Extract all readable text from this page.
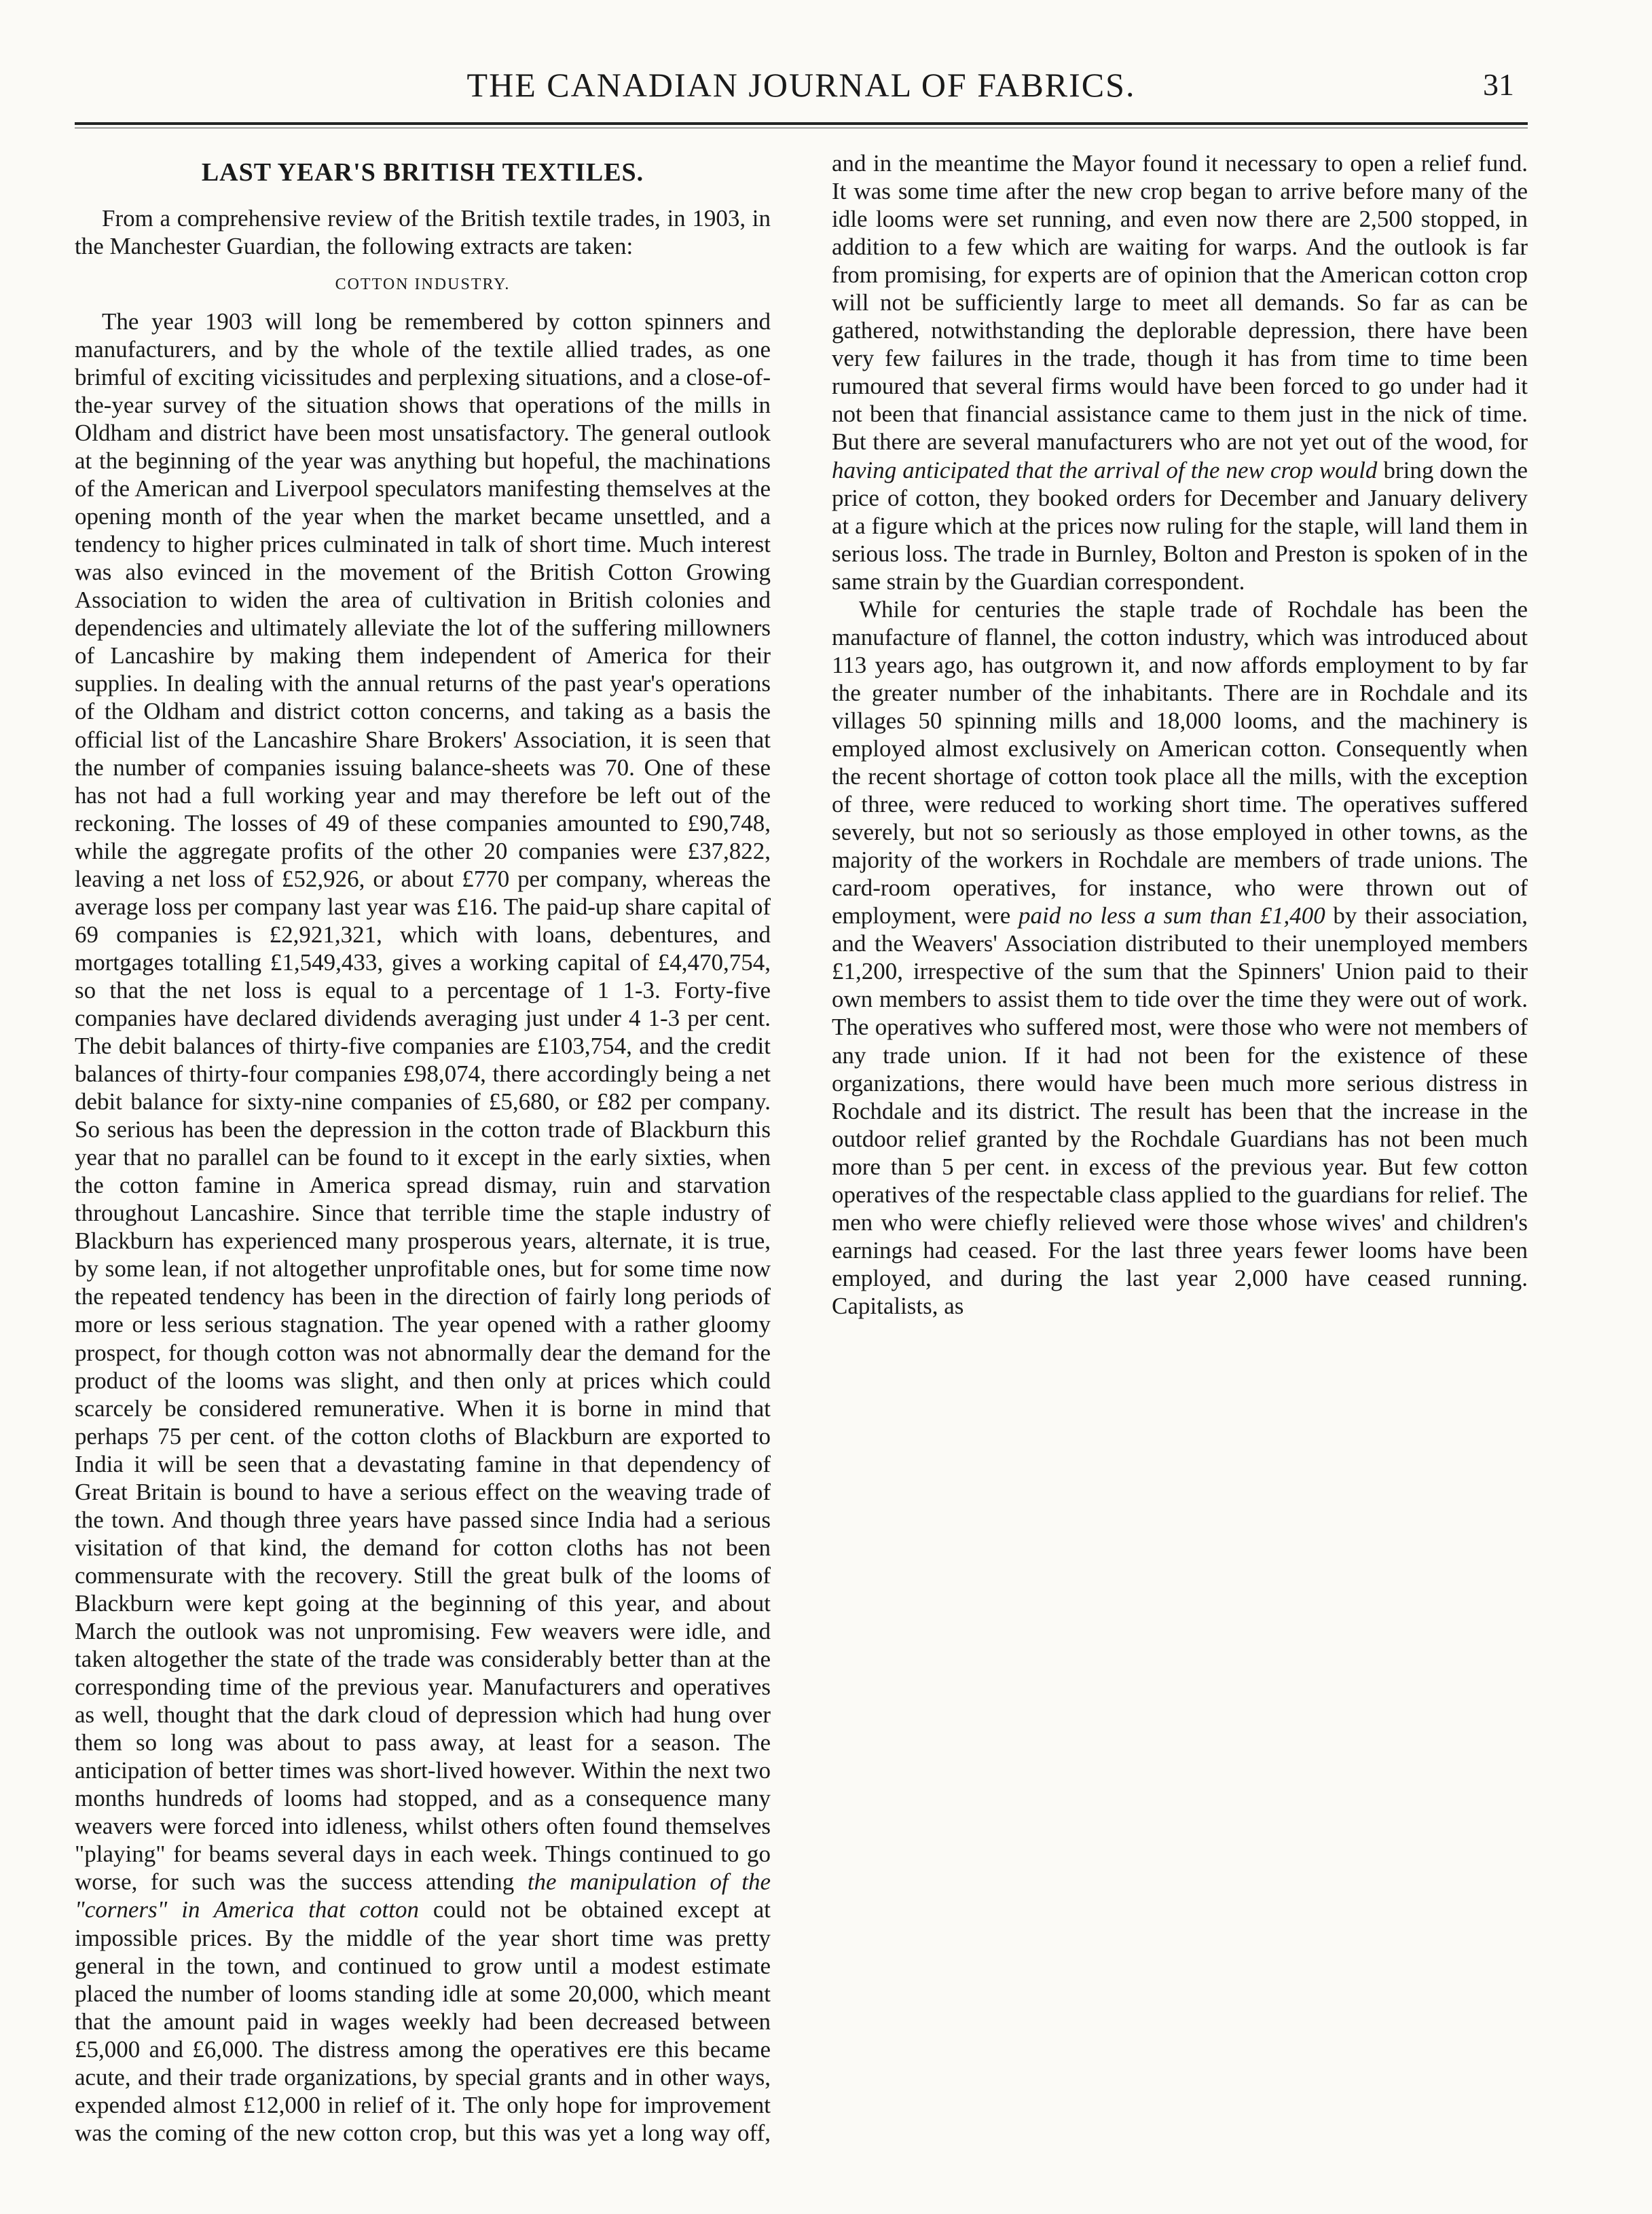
THE CANADIAN JOURNAL OF FABRICS.	31
LAST YEAR'S BRITISH TEXTILES.

From a comprehensive review of the British textile trades, in 1903, in the Manchester Guardian, the following extracts are taken:

COTTON INDUSTRY.

The year 1903 will long be remembered by cotton spinners and manufacturers, and by the whole of the textile allied trades, as one brimful of exciting vicissitudes and perplexing situations, and a close-of-the-year survey of the situation shows that operations of the mills in Oldham and district have been most unsatisfactory. The general outlook at the beginning of the year was anything but hopeful, the machinations of the American and Liverpool speculators manifesting themselves at the opening month of the year when the market became unsettled, and a tendency to higher prices culminated in talk of short time. Much interest was also evinced in the movement of the British Cotton Growing Association to widen the area of cultivation in British colonies and dependencies and ultimately alleviate the lot of the suffering millowners of Lancashire by making them independent of America for their supplies. In dealing with the annual returns of the past year's operations of the Oldham and district cotton concerns, and taking as a basis the official list of the Lancashire Share Brokers' Association, it is seen that the number of companies issuing balance-sheets was 70. One of these has not had a full working year and may therefore be left out of the reckoning. The losses of 49 of these companies amounted to £90,748, while the aggregate profits of the other 20 companies were £37,822, leaving a net loss of £52,926, or about £770 per company, whereas the average loss per company last year was £16. The paid-up share capital of 69 companies is £2,921,321, which with loans, debentures, and mortgages totalling £1,549,433, gives a working capital of £4,470,754, so that the net loss is equal to a percentage of 1 1-3. Forty-five companies have declared dividends averaging just under 4 1-3 per cent. The debit balances of thirty-five companies are £103,754, and the credit balances of thirty-four companies £98,074, there accordingly being a net debit balance for sixty-nine companies of £5,680, or £82 per company. So serious has been the depression in the cotton trade of Blackburn this year that no parallel can be found to it except in the early sixties, when the cotton famine in America spread dismay, ruin and starvation throughout Lancashire. Since that terrible time the staple industry of Blackburn has experienced many prosperous years, alternate, it is true, by some lean, if not altogether unprofitable ones, but for some time now the repeated tendency has been in the direction of fairly long periods of more or less serious stagnation. The year opened with a rather gloomy prospect, for though cotton was not abnormally dear the demand for the product of the looms was slight, and then only at prices which could scarcely be considered remunerative. When it is borne in mind that perhaps 75 per cent. of the cotton cloths of Blackburn are exported to India it will be seen that a devastating famine in that dependency of Great Britain is bound to have a serious effect on the weaving trade of the town. And though three years have passed since India had a serious visitation of that kind, the demand for cotton cloths has not been commensurate with the recovery. Still the great bulk of the looms of Blackburn were kept going at the beginning of this year, and about March the outlook was not unpromising. Few weavers were idle, and taken altogether the state of the trade was considerably better than at the corresponding time of the previous year. Manufacturers and operatives as well, thought that the dark cloud of depression which had hung over them so long was about to pass away, at least for a season. The anticipation of better times was short-lived however. Within the next two months hundreds of looms had stopped, and as a consequence many weavers were forced into idleness, whilst others often found themselves "playing" for beams several days in each week. Things continued to go worse, for such was the success attending the manipulation of the "corners" in America that cotton could not be obtained except at impossible prices. By the middle of the year short time was pretty general in the town, and continued to grow until a modest estimate placed the number of looms standing idle at some 20,000, which meant that the amount paid in wages weekly had been decreased between £5,000 and £6,000. The distress among the operatives ere this became acute, and their trade organizations, by special grants and in other ways, expended almost £12,000 in relief of it. The only hope for improvement was the coming of the new cotton crop, but this was yet a long way off, and in the meantime the Mayor found it necessary to open a relief fund. It was some time after the new crop began to arrive before many of the idle looms were set running, and even now there are 2,500 stopped, in addition to a few which are waiting for warps. And the outlook is far from promising, for experts are of opinion that the American cotton crop will not be sufficiently large to meet all demands. So far as can be gathered, notwithstanding the deplorable depression, there have been very few failures in the trade, though it has from time to time been rumoured that several firms would have been forced to go under had it not been that financial assistance came to them just in the nick of time. But there are several manufacturers who are not yet out of the wood, for having anticipated that the arrival of the new crop would bring down the price of cotton, they booked orders for December and January delivery at a figure which at the prices now ruling for the staple, will land them in serious loss. The trade in Burnley, Bolton and Preston is spoken of in the same strain by the Guardian correspondent.

While for centuries the staple trade of Rochdale has been the manufacture of flannel, the cotton industry, which was introduced about 113 years ago, has outgrown it, and now affords employment to by far the greater number of the inhabitants. There are in Rochdale and its villages 50 spinning mills and 18,000 looms, and the machinery is employed almost exclusively on American cotton. Consequently when the recent shortage of cotton took place all the mills, with the exception of three, were reduced to working short time. The operatives suffered severely, but not so seriously as those employed in other towns, as the majority of the workers in Rochdale are members of trade unions. The card-room operatives, for instance, who were thrown out of employment, were paid no less a sum than £1,400 by their association, and the Weavers' Association distributed to their unemployed members £1,200, irrespective of the sum that the Spinners' Union paid to their own members to assist them to tide over the time they were out of work. The operatives who suffered most, were those who were not members of any trade union. If it had not been for the existence of these organizations, there would have been much more serious distress in Rochdale and its district. The result has been that the increase in the outdoor relief granted by the Rochdale Guardians has not been much more than 5 per cent. in excess of the previous year. But few cotton operatives of the respectable class applied to the guardians for relief. The men who were chiefly relieved were those whose wives' and children's earnings had ceased. For the last three years fewer looms have been employed, and during the last year 2,000 have ceased running. Capitalists, as
